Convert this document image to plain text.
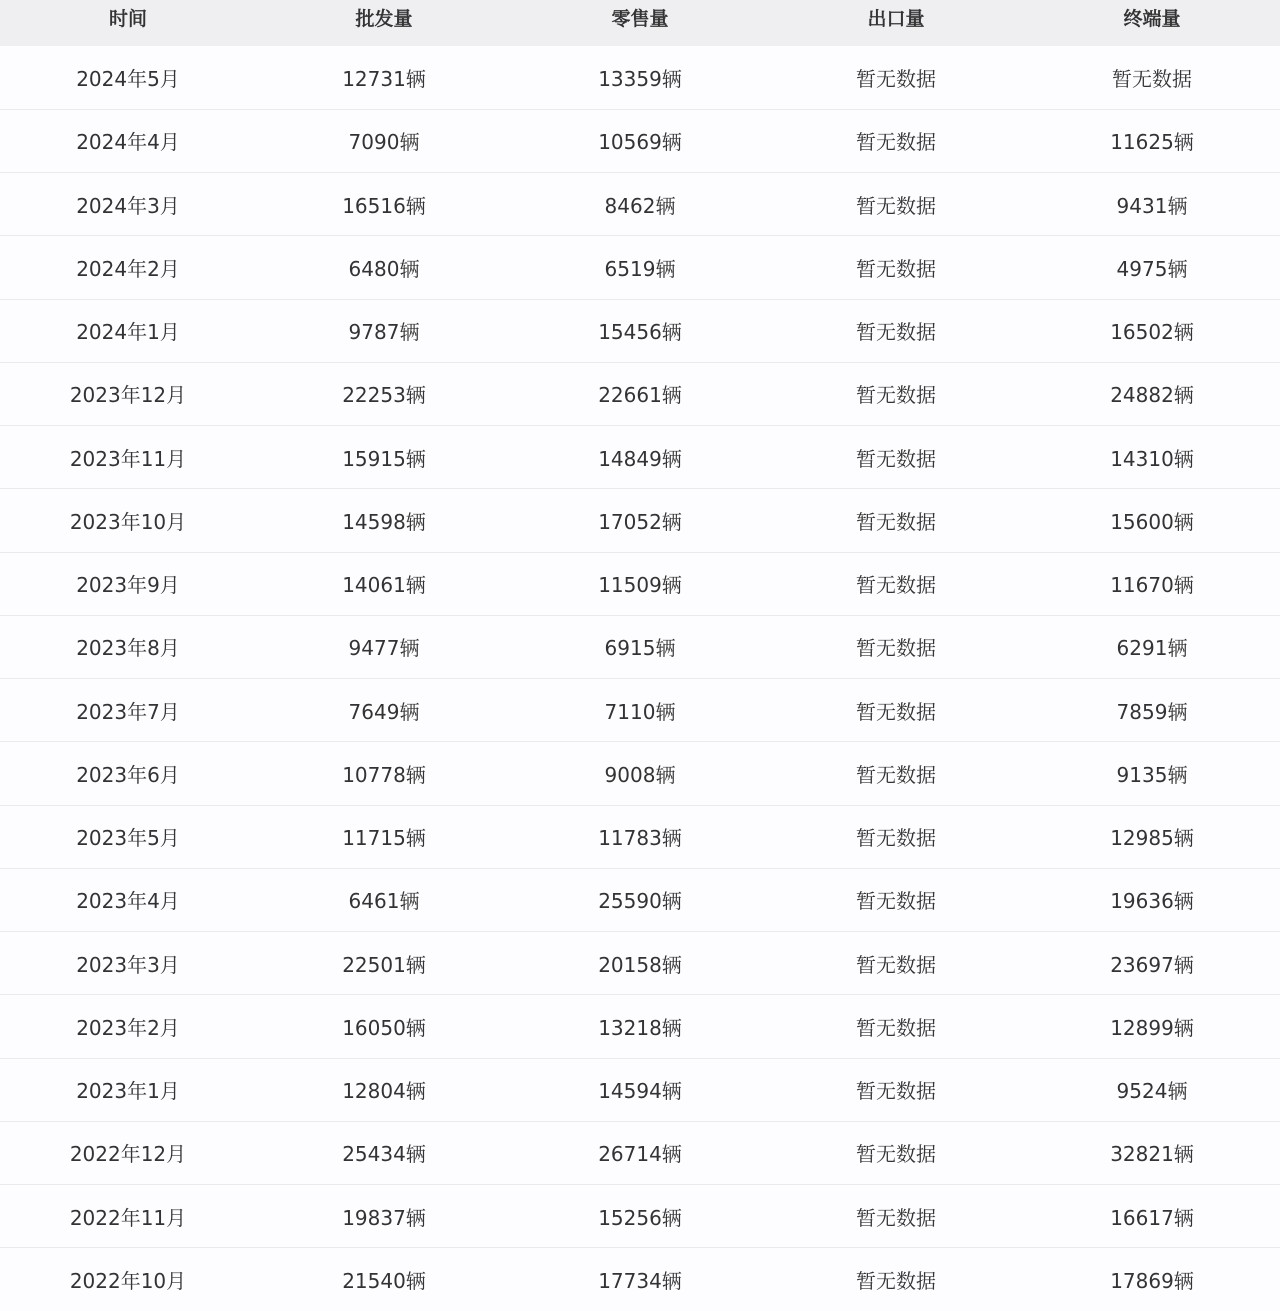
时间	批发量	零售量	出口量	终端量
2024年5月	12731辆	13359辆	暂无数据	暂无数据
2024年4月	7090辆	10569辆	暂无数据	11625辆
2024年3月	16516辆	8462辆	暂无数据	9431辆
2024年2月	6480辆	6519辆	暂无数据	4975辆
2024年1月	9787辆	15456辆	暂无数据	16502辆
2023年12月	22253辆	22661辆	暂无数据	24882辆
2023年11月	15915辆	14849辆	暂无数据	14310辆
2023年10月	14598辆	17052辆	暂无数据	15600辆
2023年9月	14061辆	11509辆	暂无数据	11670辆
2023年8月	9477辆	6915辆	暂无数据	6291辆
2023年7月	7649辆	7110辆	暂无数据	7859辆
2023年6月	10778辆	9008辆	暂无数据	9135辆
2023年5月	11715辆	11783辆	暂无数据	12985辆
2023年4月	6461辆	25590辆	暂无数据	19636辆
2023年3月	22501辆	20158辆	暂无数据	23697辆
2023年2月	16050辆	13218辆	暂无数据	12899辆
2023年1月	12804辆	14594辆	暂无数据	9524辆
2022年12月	25434辆	26714辆	暂无数据	32821辆
2022年11月	19837辆	15256辆	暂无数据	16617辆
2022年10月	21540辆	17734辆	暂无数据	17869辆
